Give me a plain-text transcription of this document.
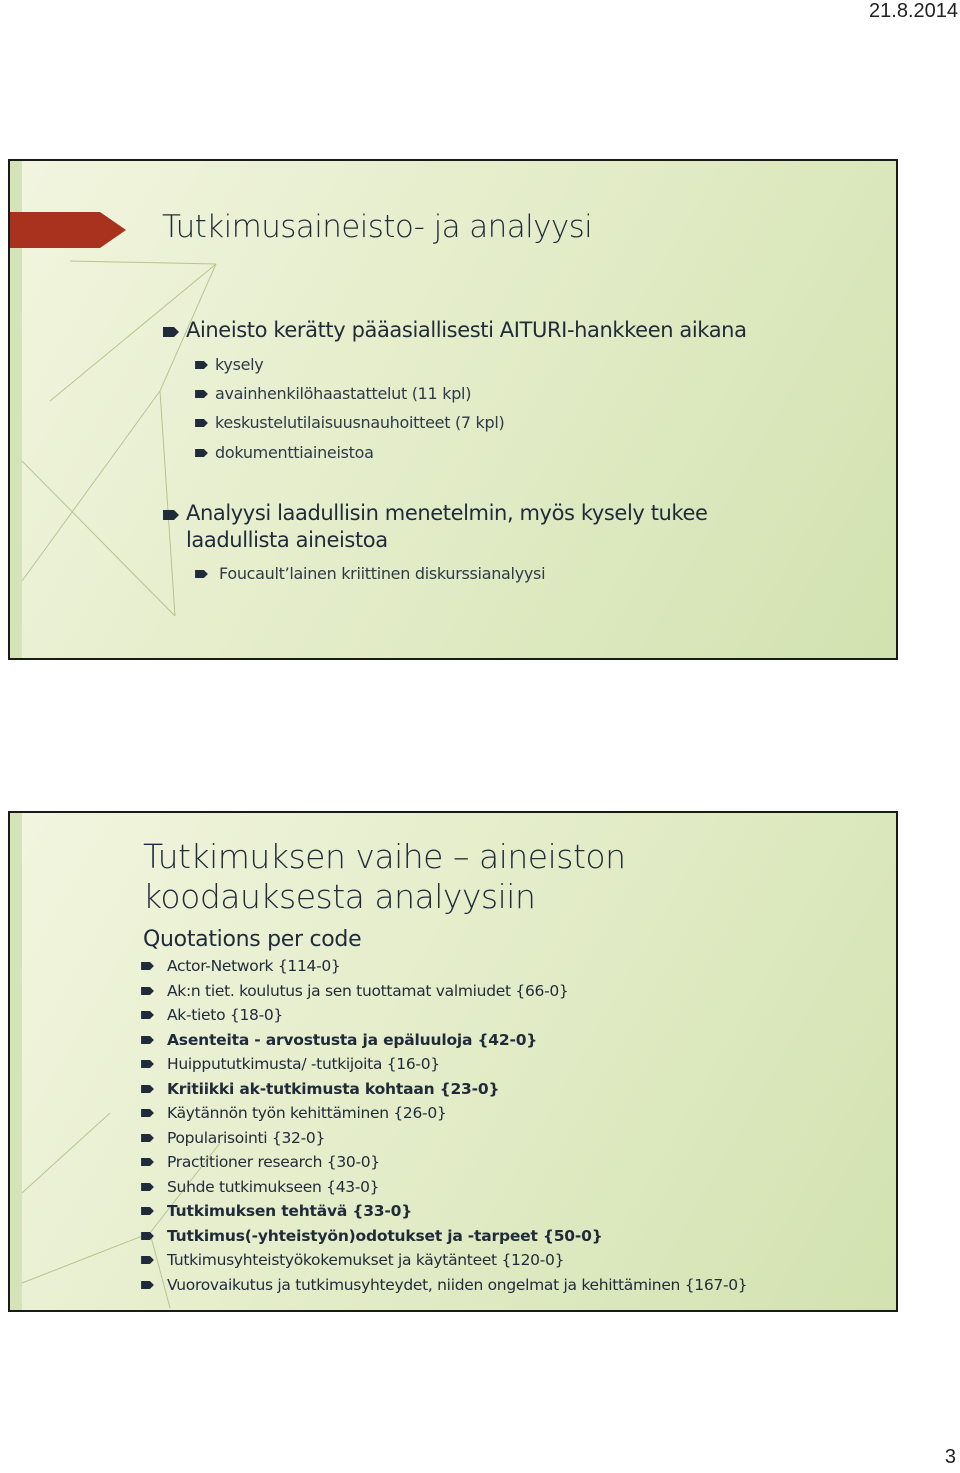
21.8.2014
Tutkimusaineisto- ja analyysi
Aineisto kerätty pääasiallisesti AITURI-hankkeen aikana
kysely
avainhenkilöhaastattelut (11 kpl)
keskustelutilaisuusnauhoitteet (7 kpl)
dokumenttiaineistoa
Analyysi laadullisin menetelmin, myös kysely tukee
laadullista aineistoa
Foucault’lainen kriittinen diskurssianalyysi
Tutkimuksen vaihe – aineiston
koodauksesta analyysiin
Quotations per code
Actor-Network {114-0}
Ak:n tiet. koulutus ja sen tuottamat valmiudet {66-0}
Ak-tieto {18-0}
Asenteita - arvostusta ja epäluuloja {42-0}
Huippututkimusta/ -tutkijoita {16-0}
Kritiikki ak-tutkimusta kohtaan {23-0}
Käytännön työn kehittäminen {26-0}
Popularisointi {32-0}
Practitioner research {30-0}
Suhde tutkimukseen {43-0}
Tutkimuksen tehtävä {33-0}
Tutkimus(-yhteistyön)odotukset ja -tarpeet {50-0}
Tutkimusyhteistyökokemukset ja käytänteet {120-0}
Vuorovaikutus ja tutkimusyhteydet, niiden ongelmat ja kehittäminen {167-0}
3
